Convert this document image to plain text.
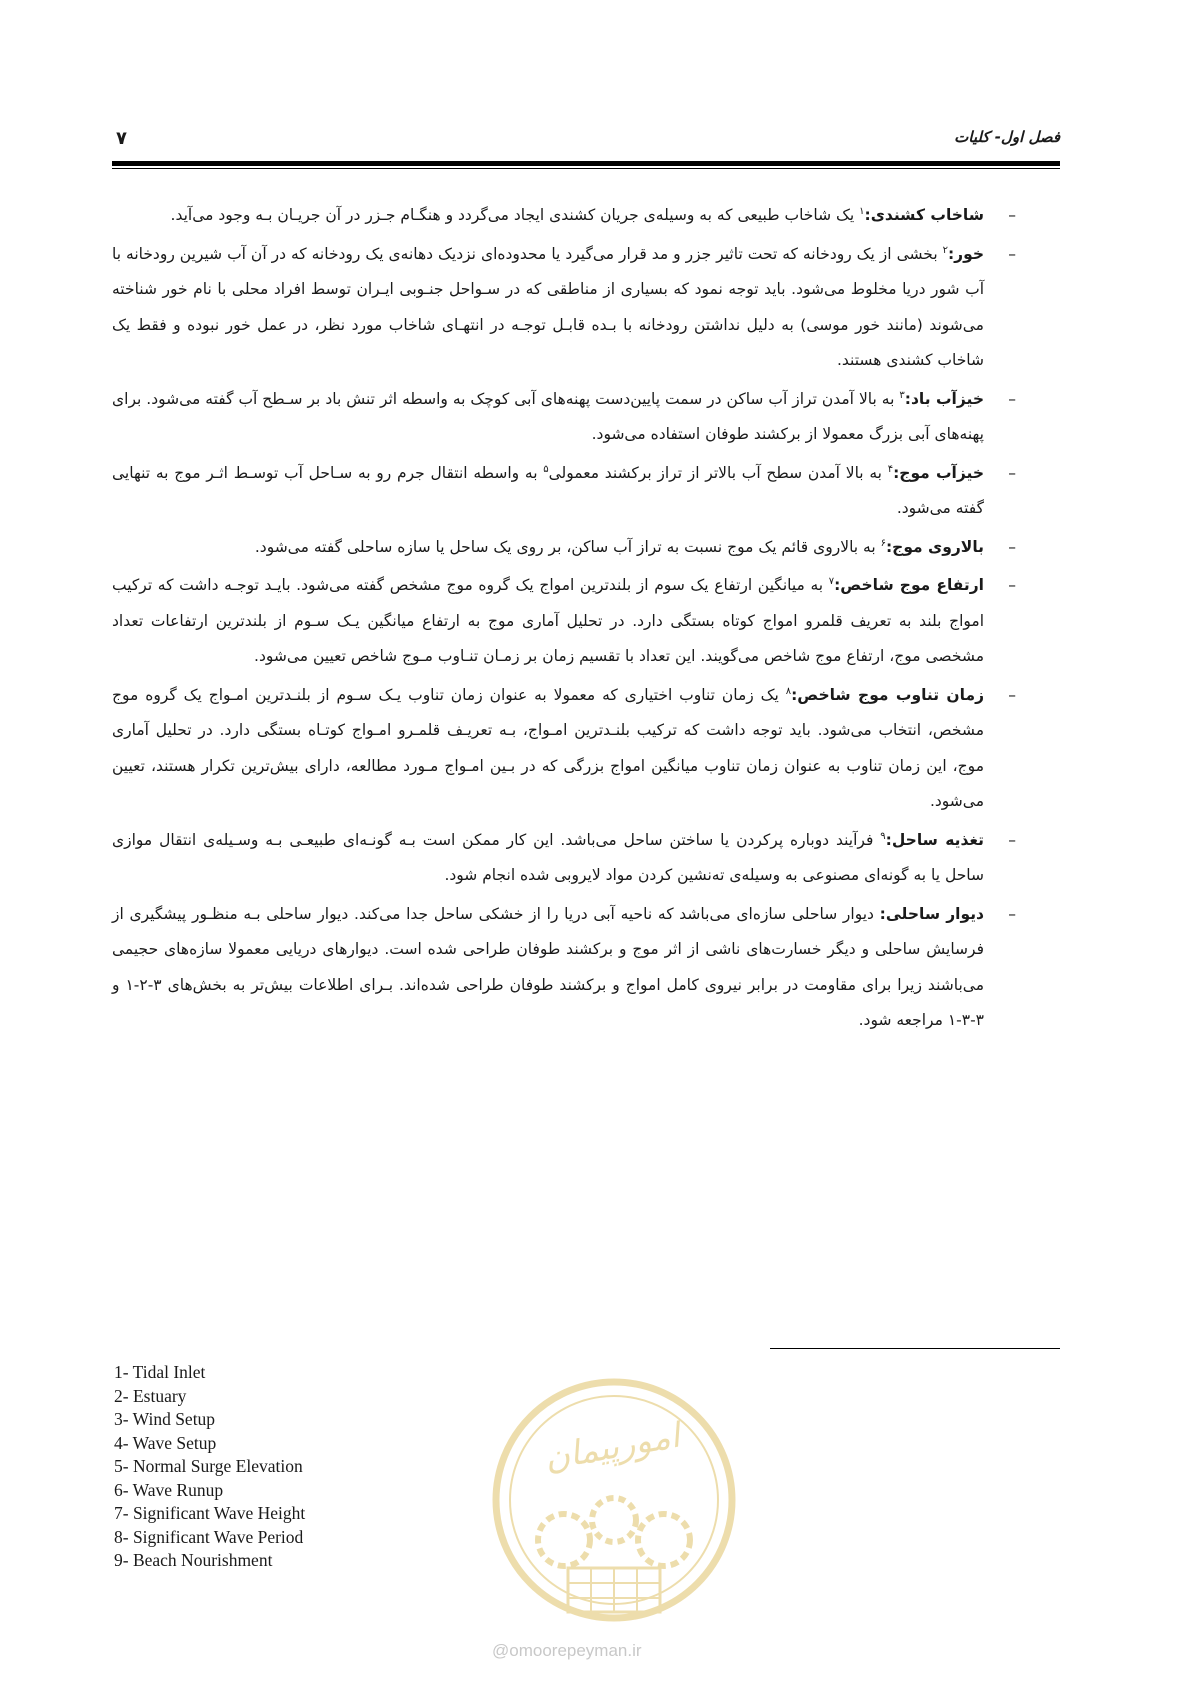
۷	فصل اول- کلیات
–
شاخاب کشندی:$^۱$ یک شاخاب طبیعی که به وسیله‌ی جریان کشندی ایجاد می‌گردد و هنگـام جـزر در آن جریـان بـه وجود می‌آید.
–
خور:$^۲$ بخشی از یک رودخانه که تحت تاثیر جزر و مد قرار می‌گیرد یا محدوده‌ای نزدیک دهانه‌ی یک رودخانه که در آن آب شیرین رودخانه با آب شور دریا مخلوط می‌شود. باید توجه نمود که بسیاری از مناطقی که در سـواحل جنـوبی ایـران توسط افراد محلی با نام خور شناخته می‌شوند (مانند خور موسی) به دلیل نداشتن رودخانه با بـده قابـل توجـه در انتهـای شاخاب مورد نظر، در عمل خور نبوده و فقط یک شاخاب کشندی هستند.
–
خیزآب باد:$^۳$ به بالا آمدن تراز آب ساکن در سمت پایین‌دست پهنه‌های آبی کوچک به واسطه اثر تنش باد بر سـطح آب گفته می‌شود. برای پهنه‌های آبی بزرگ معمولا از برکشند طوفان استفاده می‌شود.
–
خیزآب موج:$^۴$ به بالا آمدن سطح آب بالاتر از تراز برکشند معمولی$^۵$ به واسطه انتقال جرم رو به سـاحل آب توسـط اثـر موج به تنهایی گفته می‌شود.
–
بالاروی موج:$^۶$ به بالاروی قائم یک موج نسبت به تراز آب ساکن، بر روی یک ساحل یا سازه ساحلی گفته می‌شود.
–
ارتفاع موج شاخص:$^۷$ به میانگین ارتفاع یک سوم از بلندترین امواج یک گروه موج مشخص گفته می‌شود. بایـد توجـه داشت که ترکیب امواج بلند به تعریف قلمرو امواج کوتاه بستگی دارد. در تحلیل آماری موج به ارتفاع میانگین یـک سـوم از بلندترین ارتفاعات تعداد مشخصی موج، ارتفاع موج شاخص می‌گویند. این تعداد با تقسیم زمان بر زمـان تنـاوب مـوج شاخص تعیین می‌شود.
–
زمان تناوب موج شاخص:$^۸$ یک زمان تناوب اختیاری که معمولا به عنوان زمان تناوب یـک سـوم از بلنـدترین امـواج یک گروه موج مشخص، انتخاب می‌شود. باید توجه داشت که ترکیب بلنـدترین امـواج، بـه تعریـف قلمـرو امـواج کوتـاه بستگی دارد. در تحلیل آماری موج، این زمان تناوب به عنوان زمان تناوب میانگین امواج بزرگی که در بـین امـواج مـورد مطالعه، دارای بیش‌ترین تکرار هستند، تعیین می‌شود.
–
تغذیه ساحل:$^۹$ فرآیند دوباره پرکردن یا ساختن ساحل می‌باشد. این کار ممکن است بـه گونـه‌ای طبیعـی بـه وسـیله‌ی انتقال موازی ساحل یا به گونه‌ای مصنوعی به وسیله‌ی ته‌نشین کردن مواد لایروبی شده انجام شود.
–
دیوار ساحلی: دیوار ساحلی سازه‌ای می‌باشد که ناحیه آبی دریا را از خشکی ساحل جدا می‌کند. دیوار ساحلی بـه منظـور پیشگیری از فرسایش ساحلی و دیگر خسارت‌های ناشی از اثر موج و برکشند طوفان طراحی شده است. دیوارهای دریایی معمولا سازه‌های حجیمی می‌باشند زیرا برای مقاومت در برابر نیروی کامل امواج و برکشند طوفان طراحی شده‌اند. بـرای اطلاعات بیش‌تر به بخش‌های ۳-۲-۱ و ۳-۳-۱ مراجعه شود.
1- Tidal Inlet
2- Estuary
3- Wind Setup
4- Wave Setup
5- Normal Surge Elevation
6- Wave Runup
7- Significant Wave Height
8- Significant Wave Period
9- Beach Nourishment
امورپیمان
@omoorepeyman.ir
